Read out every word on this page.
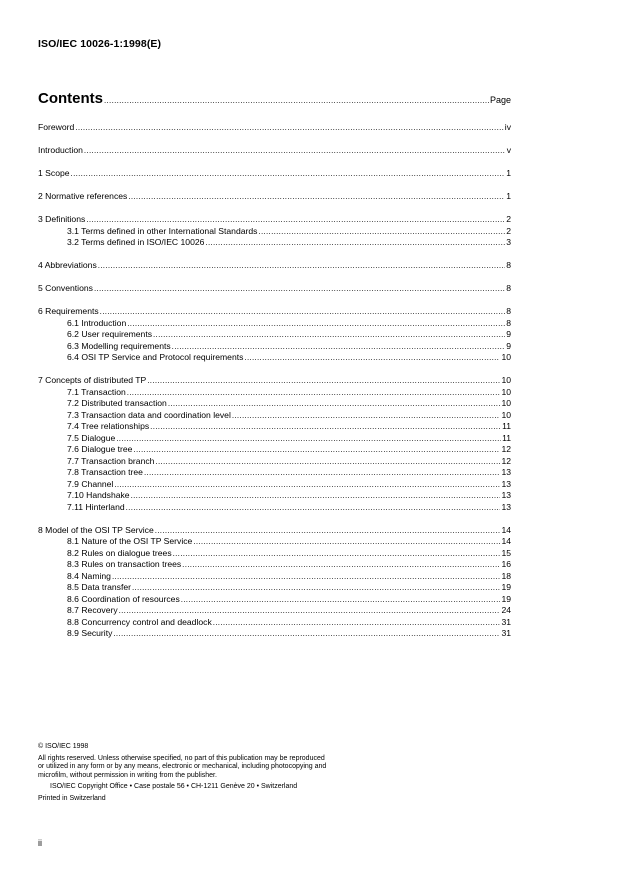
ISO/IEC 10026-1:1998(E)
Contents .....	Page
Foreword .....	iv
Introduction .....	v
1 Scope .....	1
2 Normative references .....	1
3 Definitions .....	2
3.1 Terms defined in other International Standards .....	2
3.2 Terms defined in ISO/IEC 10026 .....	3
4 Abbreviations .....	8
5 Conventions .....	8
6 Requirements .....	8
6.1 Introduction .....	8
6.2 User requirements .....	9
6.3 Modelling requirements .....	9
6.4 OSI TP Service and Protocol requirements .....	10
7 Concepts of distributed TP .....	10
7.1 Transaction .....	10
7.2 Distributed transaction .....	10
7.3 Transaction data and coordination level .....	10
7.4 Tree relationships .....	11
7.5 Dialogue .....	11
7.6 Dialogue tree .....	12
7.7 Transaction branch .....	12
7.8 Transaction tree .....	13
7.9 Channel .....	13
7.10 Handshake .....	13
7.11 Hinterland .....	13
8 Model of the OSI TP Service .....	14
8.1 Nature of the OSI TP Service .....	14
8.2 Rules on dialogue trees .....	15
8.3 Rules on transaction trees .....	16
8.4 Naming .....	18
8.5 Data transfer .....	19
8.6 Coordination of resources .....	19
8.7 Recovery .....	24
8.8 Concurrency control and deadlock .....	31
8.9 Security .....	31
© ISO/IEC 1998
All rights reserved. Unless otherwise specified, no part of this publication may be reproduced
or utilized in any form or by any means, electronic or mechanical, including photocopying and
microfilm, without permission in writing from the publisher.
ISO/IEC Copyright Office • Case postale 56 • CH-1211 Genève 20 • Switzerland
Printed in Switzerland
ii
